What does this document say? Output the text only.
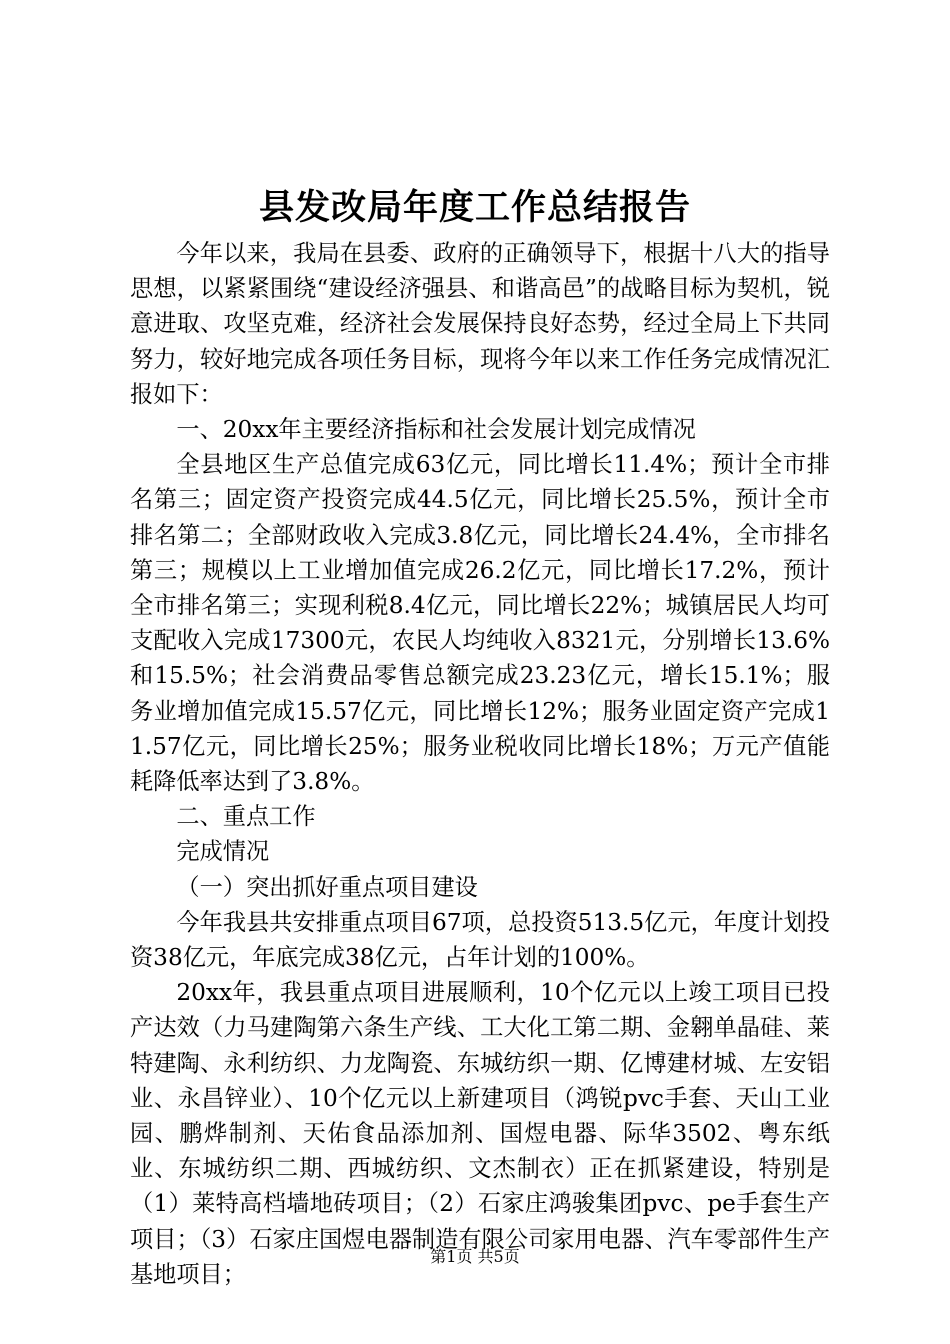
县发改局年度工作总结报告

今年以来，我局在县委、政府的正确领导下，根据十八大的指导思想，以紧紧围绕“建设经济强县、和谐高邑”的战略目标为契机，锐意进取、攻坚克难，经济社会发展保持良好态势，经过全局上下共同努力，较好地完成各项任务目标，现将今年以来工作任务完成情况汇报如下：

一、20xx年主要经济指标和社会发展计划完成情况

全县地区生产总值完成63亿元，同比增长11.4%；预计全市排名第三；固定资产投资完成44.5亿元，同比增长25.5%，预计全市排名第二；全部财政收入完成3.8亿元，同比增长24.4%，全市排名第三；规模以上工业增加值完成26.2亿元，同比增长17.2%，预计全市排名第三；实现利税8.4亿元，同比增长22%；城镇居民人均可支配收入完成17300元，农民人均纯收入8321元，分别增长13.6%和15.5%；社会消费品零售总额完成23.23亿元，增长15.1%；服务业增加值完成15.57亿元，同比增长12%；服务业固定资产完成11.57亿元，同比增长25%；服务业税收同比增长18%；万元产值能耗降低率达到了3.8%。

二、重点工作

完成情况

（一）突出抓好重点项目建设

今年我县共安排重点项目67项，总投资513.5亿元，年度计划投资38亿元，年底完成38亿元，占年计划的100%。

20xx年，我县重点项目进展顺利，10个亿元以上竣工项目已投产达效（力马建陶第六条生产线、工大化工第二期、金翱单晶硅、莱特建陶、永利纺织、力龙陶瓷、东城纺织一期、亿博建材城、左安铝业、永昌锌业）、10个亿元以上新建项目（鸿锐pvc手套、天山工业园、鹏烨制剂、天佑食品添加剂、国煜电器、际华3502、粤东纸业、东城纺织二期、西城纺织、文杰制衣）正在抓紧建设，特别是（1）莱特高档墙地砖项目；（2）石家庄鸿骏集团pvc、pe手套生产项目；（3）石家庄国煜电器制造有限公司家用电器、汽车零部件生产基地项目；

第1页 共5页
